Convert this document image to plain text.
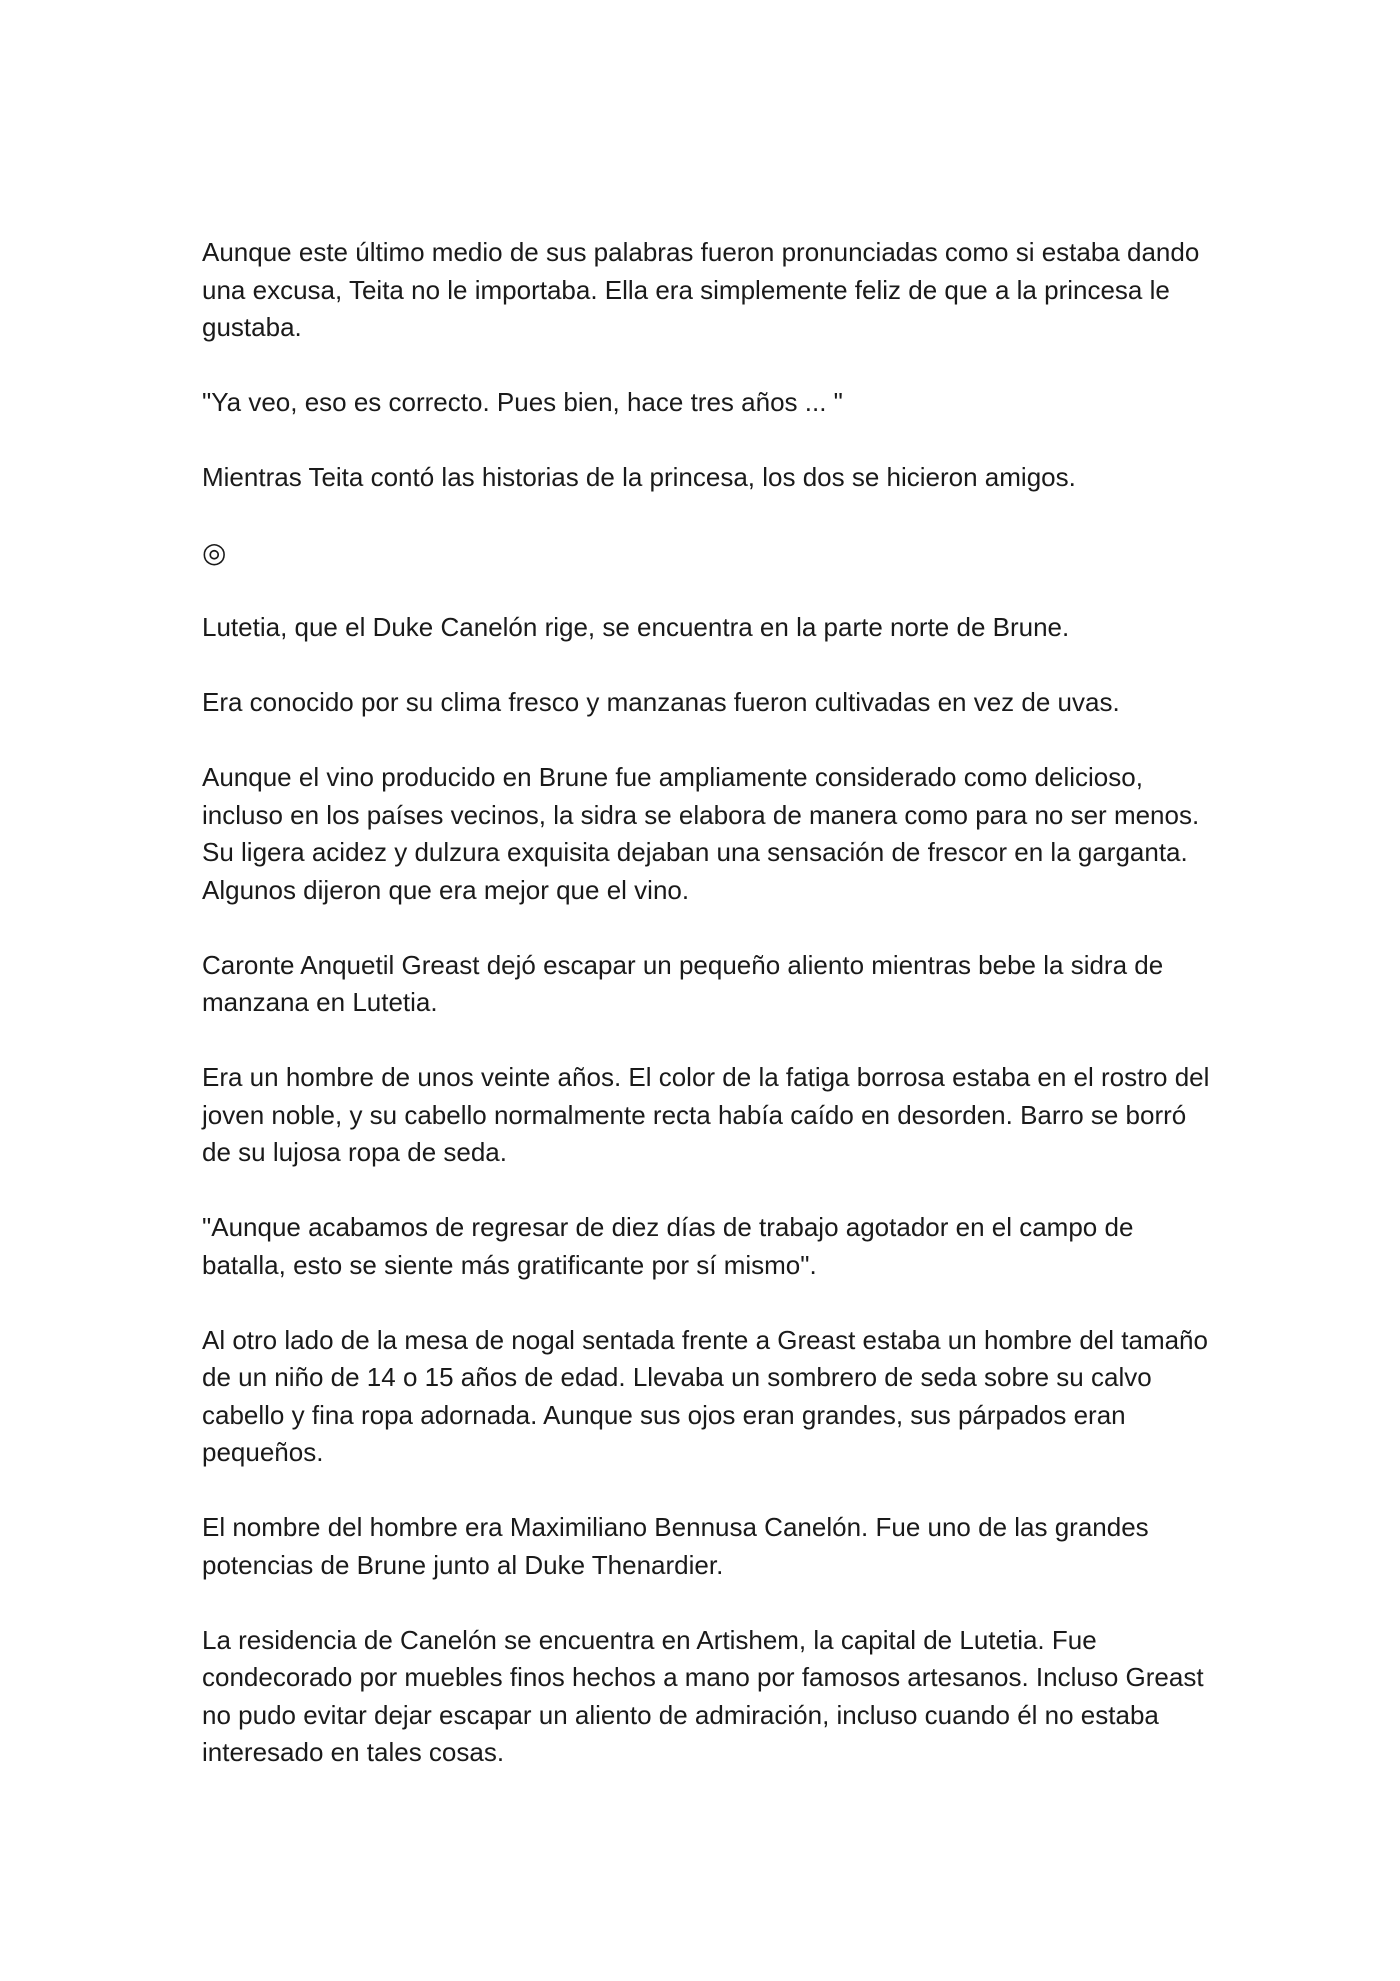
Aunque este último medio de sus palabras fueron pronunciadas como si estaba dando una excusa, Teita no le importaba. Ella era simplemente feliz de que a la princesa le gustaba.

"Ya veo, eso es correcto. Pues bien, hace tres años ... "

Mientras Teita contó las historias de la princesa, los dos se hicieron amigos.

◎

Lutetia, que el Duke Canelón rige, se encuentra en la parte norte de Brune.

Era conocido por su clima fresco y manzanas fueron cultivadas en vez de uvas.

Aunque el vino producido en Brune fue ampliamente considerado como delicioso, incluso en los países vecinos, la sidra se elabora de manera como para no ser menos. Su ligera acidez y dulzura exquisita dejaban una sensación de frescor en la garganta. Algunos dijeron que era mejor que el vino.

Caronte Anquetil Greast dejó escapar un pequeño aliento mientras bebe la sidra de manzana en Lutetia.

Era un hombre de unos veinte años. El color de la fatiga borrosa estaba en el rostro del joven noble, y su cabello normalmente recta había caído en desorden. Barro se borró de su lujosa ropa de seda.

"Aunque acabamos de regresar de diez días de trabajo agotador en el campo de batalla, esto se siente más gratificante por sí mismo".

Al otro lado de la mesa de nogal sentada frente a Greast estaba un hombre del tamaño de un niño de 14 o 15 años de edad. Llevaba un sombrero de seda sobre su calvo cabello y fina ropa adornada. Aunque sus ojos eran grandes, sus párpados eran pequeños.

El nombre del hombre era Maximiliano Bennusa Canelón. Fue uno de las grandes potencias de Brune junto al Duke Thenardier.

La residencia de Canelón se encuentra en Artishem, la capital de Lutetia. Fue condecorado por muebles finos hechos a mano por famosos artesanos. Incluso Greast no pudo evitar dejar escapar un aliento de admiración, incluso cuando él no estaba interesado en tales cosas.
